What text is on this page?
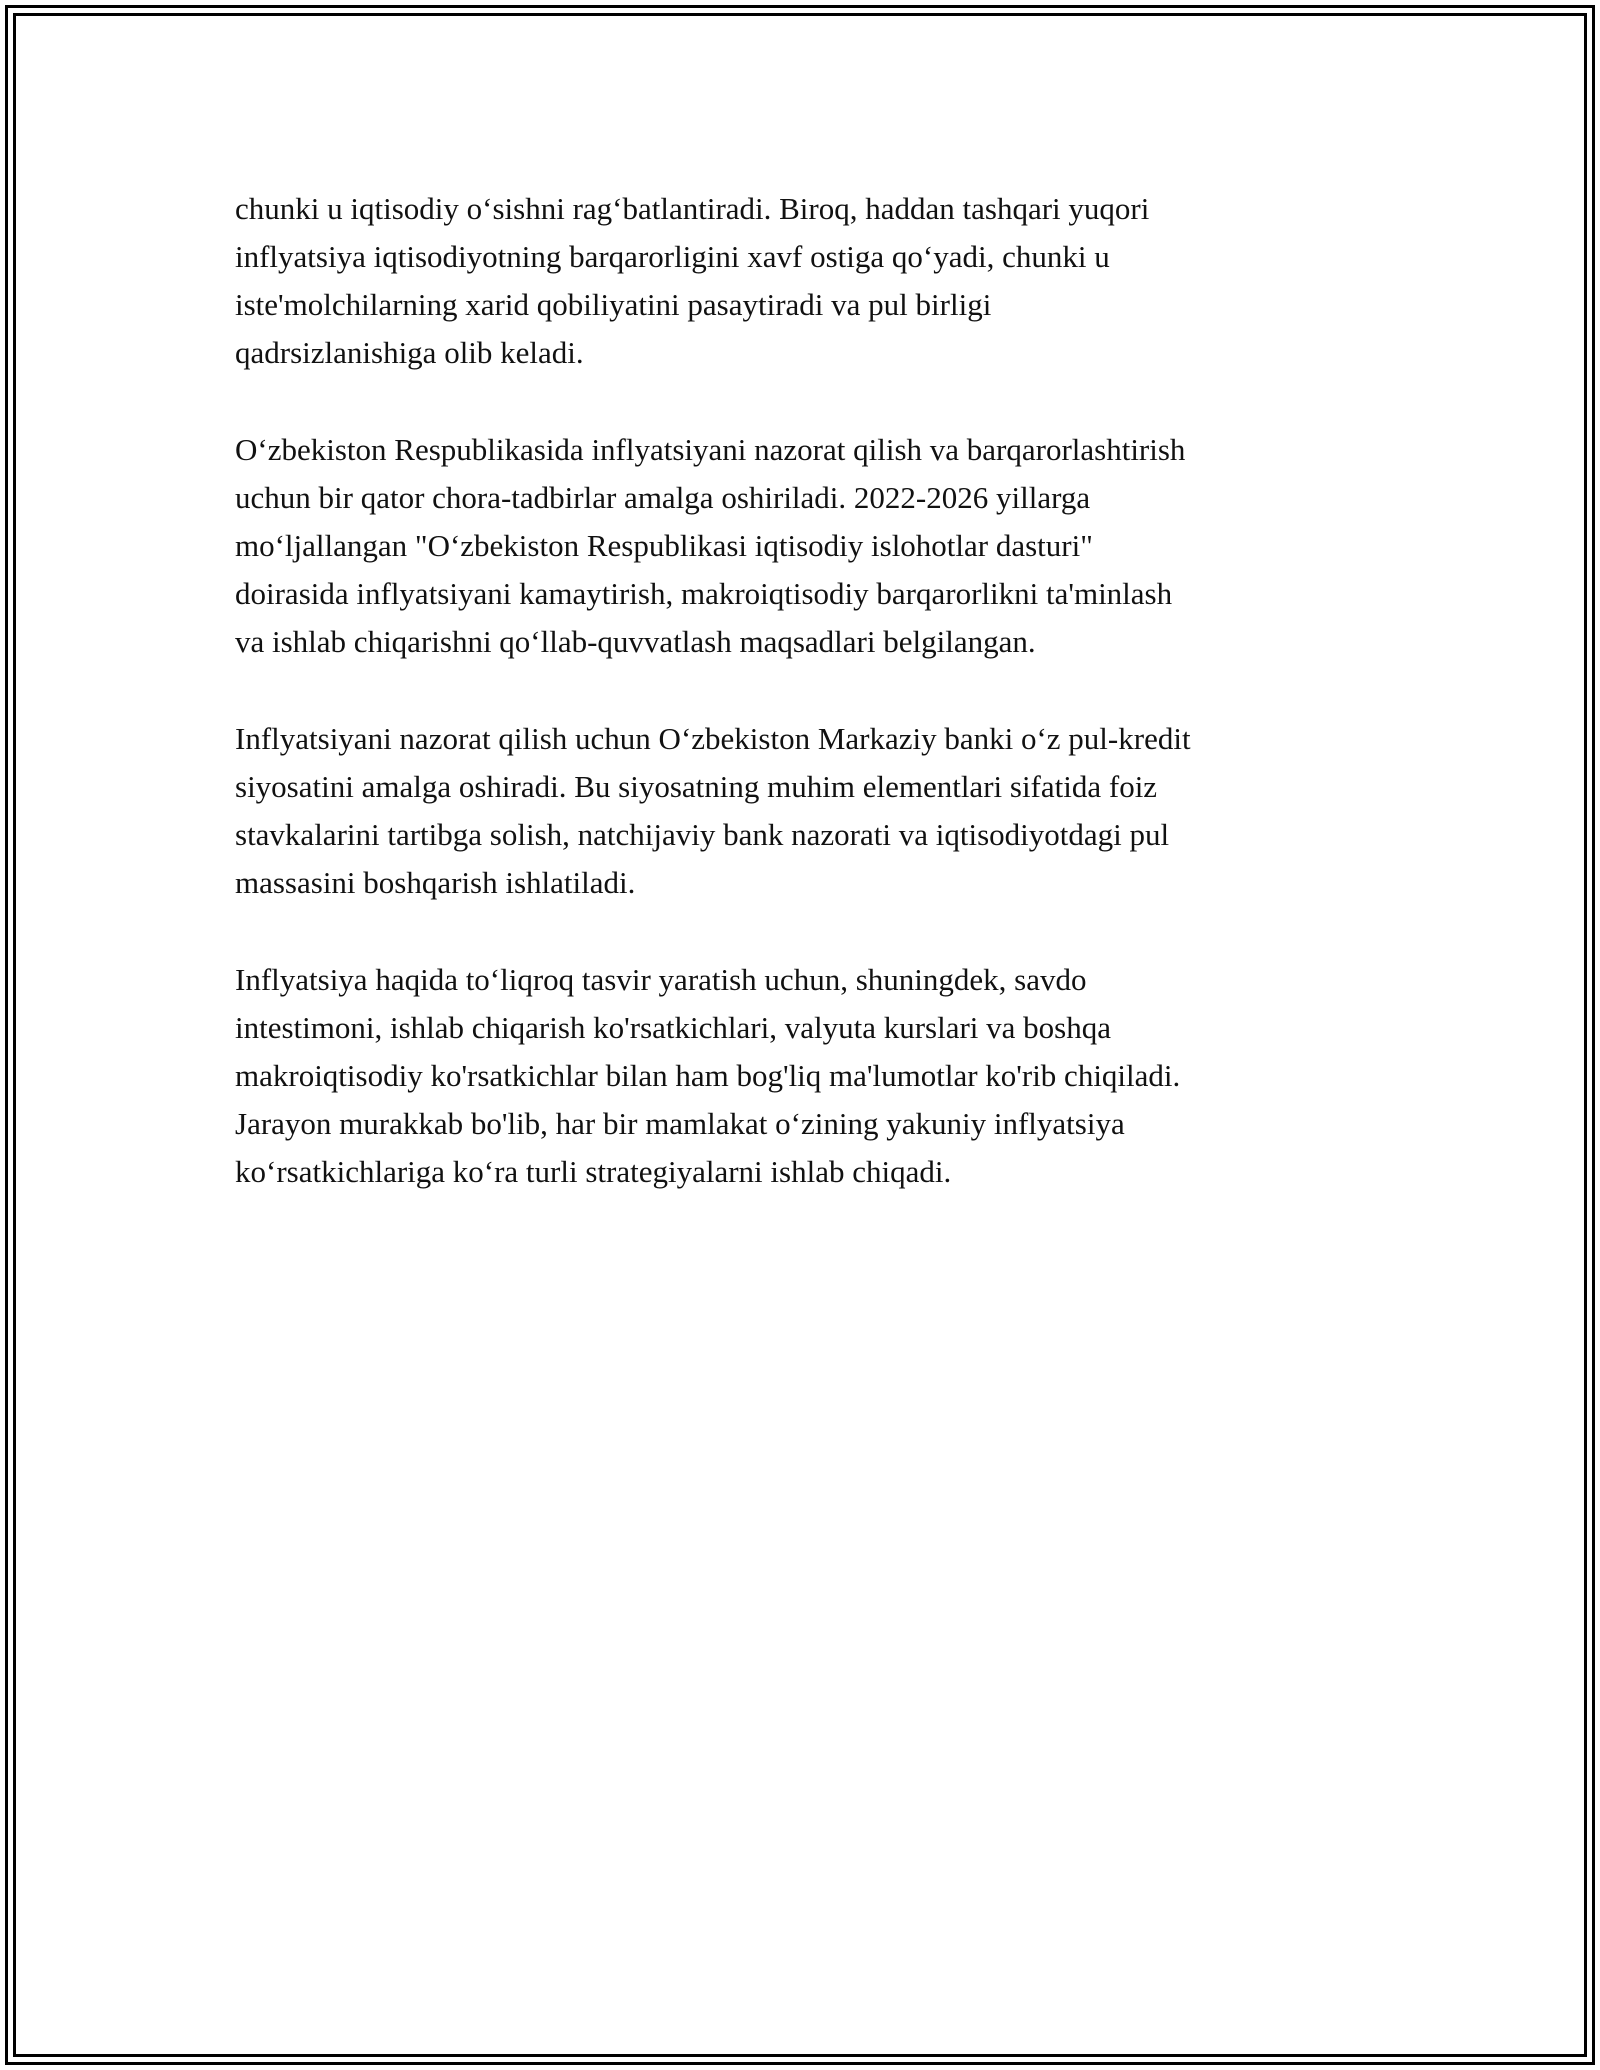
chunki u iqtisodiy o‘sishni rag‘batlantiradi. Biroq, haddan tashqari yuqori
inflyatsiya iqtisodiyotning barqarorligini xavf ostiga qo‘yadi, chunki u
iste'molchilarning xarid qobiliyatini pasaytiradi va pul birligi
qadrsizlanishiga olib keladi.

O‘zbekiston Respublikasida inflyatsiyani nazorat qilish va barqarorlashtirish
uchun bir qator chora-tadbirlar amalga oshiriladi. 2022-2026 yillarga
mo‘ljallangan "O‘zbekiston Respublikasi iqtisodiy islohotlar dasturi"
doirasida inflyatsiyani kamaytirish, makroiqtisodiy barqarorlikni ta'minlash
va ishlab chiqarishni qo‘llab-quvvatlash maqsadlari belgilangan.

Inflyatsiyani nazorat qilish uchun O‘zbekiston Markaziy banki o‘z pul-kredit
siyosatini amalga oshiradi. Bu siyosatning muhim elementlari sifatida foiz
stavkalarini tartibga solish, natchijaviy bank nazorati va iqtisodiyotdagi pul
massasini boshqarish ishlatiladi.

Inflyatsiya haqida to‘liqroq tasvir yaratish uchun, shuningdek, savdo
intestimoni, ishlab chiqarish ko'rsatkichlari, valyuta kurslari va boshqa
makroiqtisodiy ko'rsatkichlar bilan ham bog'liq ma'lumotlar ko'rib chiqiladi.
Jarayon murakkab bo'lib, har bir mamlakat o‘zining yakuniy inflyatsiya
ko‘rsatkichlariga ko‘ra turli strategiyalarni ishlab chiqadi.
